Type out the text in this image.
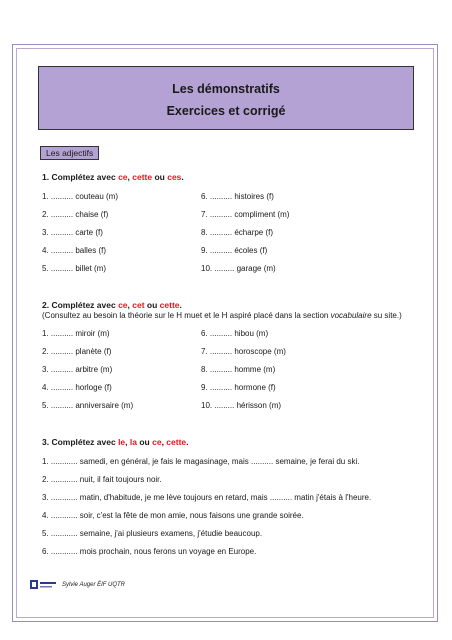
Les démonstratifs
Exercices et corrigé
Les adjectifs
1. Complétez avec ce, cette ou ces.
1. .......... couteau (m)
2. .......... chaise (f)
3. .......... carte (f)
4. .......... balles (f)
5. .......... billet (m)
6. .......... histoires (f)
7. .......... compliment (m)
8. .......... écharpe (f)
9. .......... écoles (f)
10. ......... garage (m)
2. Complétez avec ce, cet ou cette.
(Consultez au besoin la théorie sur le H muet et le H aspiré placé dans la section vocabulaire su site.)
1. .......... miroir (m)
2. .......... planète (f)
3. .......... arbitre (m)
4. .......... horloge (f)
5. .......... anniversaire (m)
6. .......... hibou (m)
7. .......... horoscope (m)
8. .......... homme (m)
9. .......... hormone (f)
10. ......... hérisson (m)
3. Complétez avec le, la ou ce, cette.
1. ............ samedi, en général, je fais le magasinage, mais .......... semaine, je ferai du ski.
2. ............ nuit, il fait toujours noir.
3. ............ matin, d'habitude, je me lève toujours en retard, mais .......... matin j'étais à l'heure.
4. ............ soir, c'est la fête de mon amie, nous faisons une grande soirée.
5. ............ semaine, j'ai plusieurs examens, j'étudie beaucoup.
6. ............ mois prochain, nous ferons un voyage en Europe.
Sylvie Auger ÉIF UQTR
